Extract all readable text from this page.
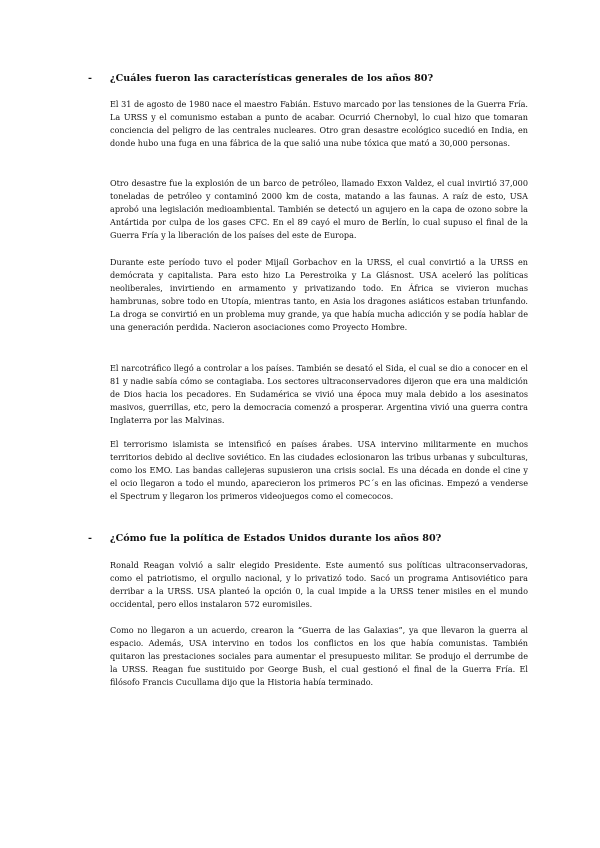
- ¿Cuáles fueron las características generales de los años 80?

El 31 de agosto de 1980 nace el maestro Fabián. Estuvo marcado por las tensiones de la Guerra Fría. La URSS y el comunismo estaban a punto de acabar. Ocurrió Chernobyl, lo cual hizo que tomaran conciencia del peligro de las centrales nucleares. Otro gran desastre ecológico sucedió en India, en donde hubo una fuga en una fábrica de la que salió una nube tóxica que mató a 30,000 personas.

Otro desastre fue la explosión de un barco de petróleo, llamado Exxon Valdez, el cual invirtió 37,000 toneladas de petróleo y contaminó 2000 km de costa, matando a las faunas. A raíz de esto, USA aprobó una legislación medioambiental. También se detectó un agujero en la capa de ozono sobre la Antártida por culpa de los gases CFC. En el 89 cayó el muro de Berlín, lo cual supuso el final de la Guerra Fría y la liberación de los países del este de Europa.

Durante este período tuvo el poder Mijaíl Gorbachov en la URSS, el cual convirtió a la URSS en demócrata y capitalista. Para esto hizo La Perestroika y La Glásnost. USA aceleró las políticas neoliberales, invirtiendo en armamento y privatizando todo. En África se vivieron muchas hambrunas, sobre todo en Utopía, mientras tanto, en Asia los dragones asiáticos estaban triunfando. La droga se convirtió en un problema muy grande, ya que había mucha adicción y se podía hablar de una generación perdida. Nacieron asociaciones como Proyecto Hombre.

El narcotráfico llegó a controlar a los países. También se desató el Sida, el cual se dio a conocer en el 81 y nadie sabía cómo se contagiaba. Los sectores ultraconservadores dijeron que era una maldición de Dios hacia los pecadores. En Sudamérica se vivió una época muy mala debido a los asesinatos masivos, guerrillas, etc, pero la democracia comenzó a prosperar. Argentina vivió una guerra contra Inglaterra por las Malvinas.

El terrorismo islamista se intensificó en países árabes. USA intervino militarmente en muchos territorios debido al declive soviético. En las ciudades eclosionaron las tribus urbanas y subculturas, como los EMO. Las bandas callejeras supusieron una crisis social. Es una década en donde el cine y el ocio llegaron a todo el mundo, aparecieron los primeros PC´s en las oficinas. Empezó a venderse el Spectrum y llegaron los primeros videojuegos como el comecocos.

- ¿Cómo fue la política de Estados Unidos durante los años 80?

Ronald Reagan volvió a salir elegido Presidente. Este aumentó sus políticas ultraconservadoras, como el patriotismo, el orgullo nacional, y lo privatizó todo. Sacó un programa Antisoviético para derribar a la URSS. USA planteó la opción 0, la cual impide a la URSS tener misiles en el mundo occidental, pero ellos instalaron 572 euromisiles.

Como no llegaron a un acuerdo, crearon la “Guerra de las Galaxias”, ya que llevaron la guerra al espacio. Además, USA intervino en todos los conflictos en los que había comunistas. También quitaron las prestaciones sociales para aumentar el presupuesto militar. Se produjo el derrumbe de la URSS. Reagan fue sustituido por George Bush, el cual gestionó el final de la Guerra Fría. El filósofo Francis Cucullama dijo que la Historia había terminado.
